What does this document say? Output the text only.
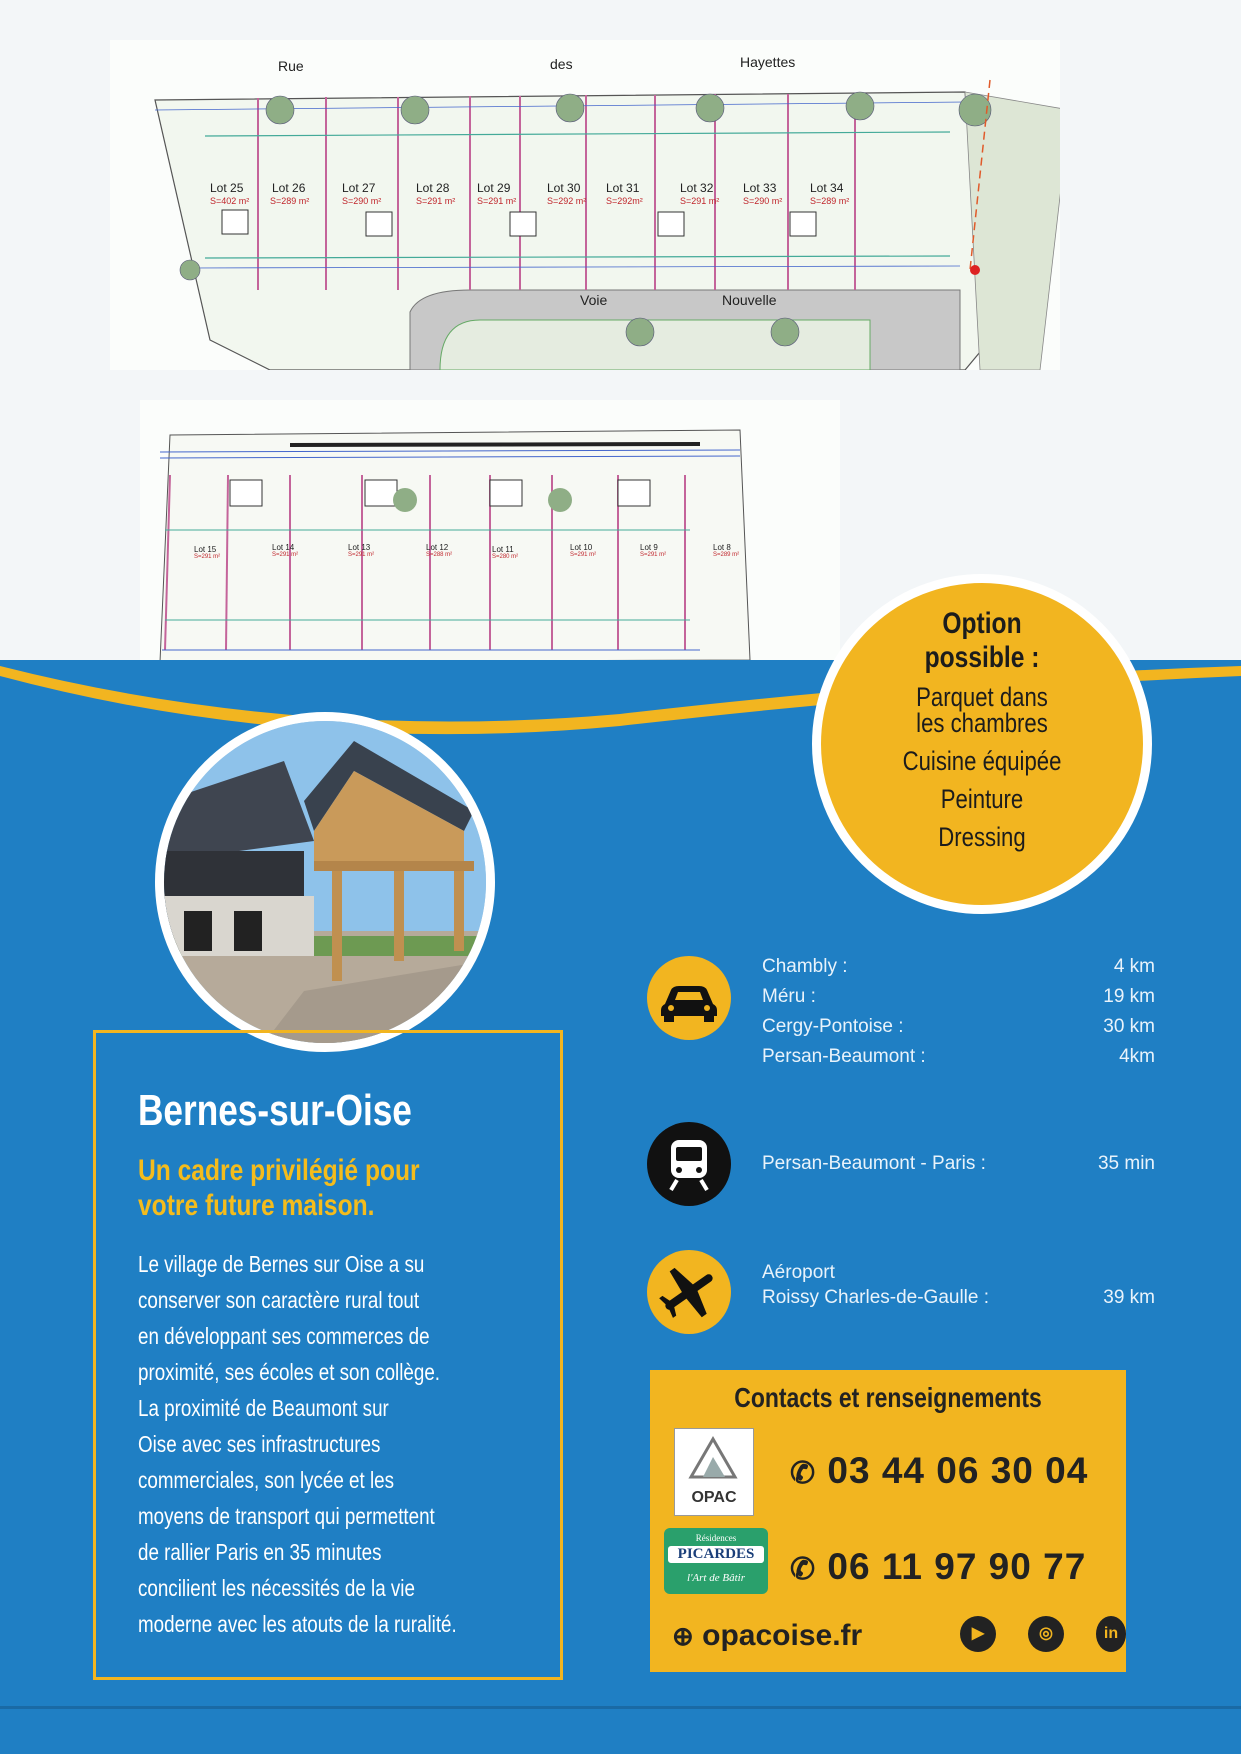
Lot 25
S=402 m²
Lot 26
S=289 m²
Lot 27
S=290 m²
Lot 28
S=291 m²
Lot 29
S=291 m²
Lot 30
S=292 m²
Lot 31
S=292m²
Lot 32
S=291 m²
Lot 33
S=290 m²
Lot 34
S=289 m²
Rue	des	Hayettes
Voie	Nouvelle
Lot 15
S=291 m²
Lot 14
S=291 m²
Lot 13
S=291 m²
Lot 12
S=288 m²
Lot 11
S=280 m²
Lot 10
S=291 m²
Lot 9
S=291 m²
Lot 8
S=289 m²
Option
possible :
Parquet dans
les chambres
Cuisine équipée
Peinture
Dressing
Bernes-sur-Oise
Un cadre privilégié pour
votre future maison.
Le village de Bernes sur Oise a su
conserver son caractère rural tout
en développant ses commerces de
proximité, ses écoles et son collège.
La proximité de Beaumont sur
Oise avec ses infrastructures
commerciales, son lycée et les
moyens de transport qui permettent
de rallier Paris en 35 minutes
concilient les nécessités de la vie
moderne avec les atouts de la ruralité.
Chambly :	4 km
Méru :	19 km
Cergy-Pontoise :	30 km
Persan-Beaumont :	4km
Persan-Beaumont - Paris :	35 min
Aéroport
Roissy Charles-de-Gaulle :	39 km
Contacts et renseignements
OPAC
Résidences
PICARDES
l'Art de Bâtir
✆ 03 44 06 30 04
✆ 06 11 97 90 77
⊕ opacoise.fr	▶	◎	in
